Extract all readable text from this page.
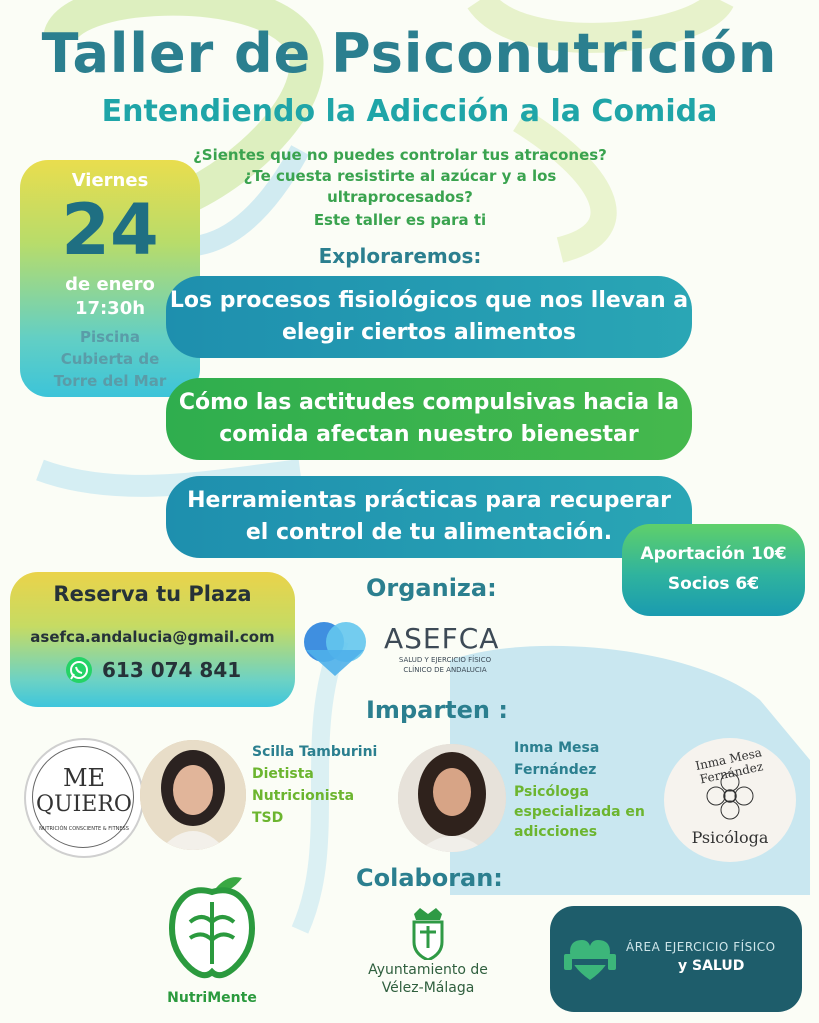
Taller de Psiconutrición
Entendiendo la Adicción a la Comida
¿Sientes que no puedes controlar tus atracones?
¿Te cuesta resistirte al azúcar y a los
ultraprocesados?
Este taller es para ti
Viernes
24
de enero
17:30h
Piscina
Cubierta de
Torre del Mar
Exploraremos:
Los procesos fisiológicos que nos llevan a
elegir ciertos alimentos
Cómo las actitudes compulsivas hacia la
comida afectan nuestro bienestar
Herramientas prácticas para recuperar
el control de tu alimentación.
Aportación 10€
Socios 6€
Reserva tu Plaza
asefca.andalucia@gmail.com
613 074 841
Organiza:
ASEFCA
SALUD Y EJERCICIO FÍSICO
CLÍNICO DE ANDALUCIA
Imparten :
ME
QUIERO
NUTRICIÓN CONSCIENTE & FITNESS
Scilla Tamburini
Dietista
Nutricionista
TSD
Inma Mesa
Fernández
Psicóloga
especializada en
adicciones
Inma Mesa Fernández
Psicóloga
Colaboran:
NutriMente
Ayuntamiento de
Vélez-Málaga
ÁREA EJERCICIO FÍSICO
y SALUD
